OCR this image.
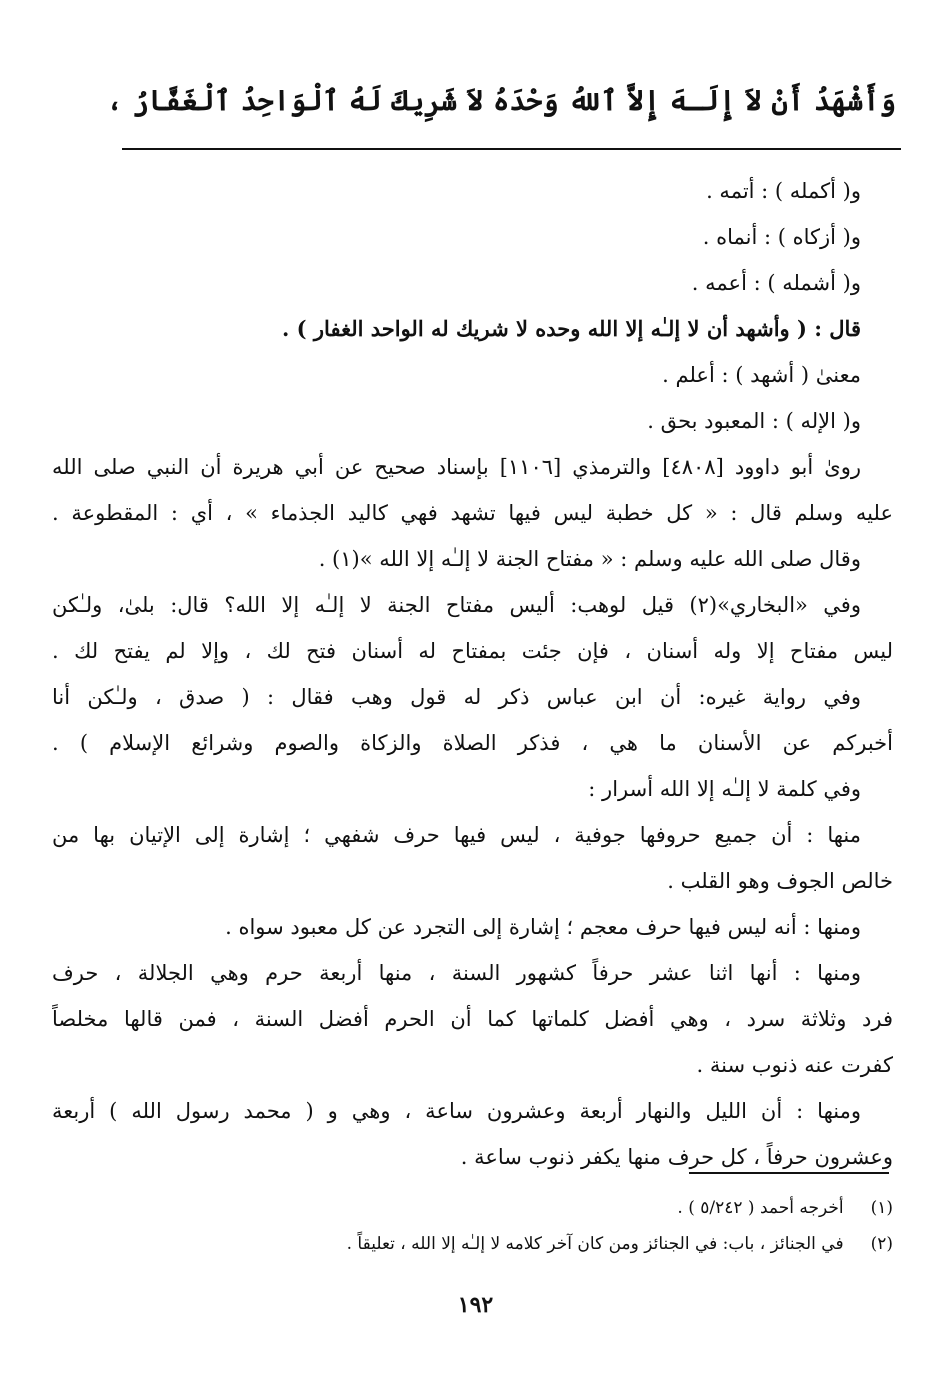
وَأَشْهَدُ أَنْ لاَ إِلَـهَ إِلاَّ ٱللهُ وَحْدَهُ لاَ شَرِيكَ لَهُ ٱلْوَاحِدُ ٱلْغَفَّارُ ،
و( أكمله ) : أتمه .
و( أزكاه ) : أنماه .
و( أشمله ) : أعمه .
قال : ( وأشهد أن لا إلـٰه إلا الله وحده لا شريك له الواحد الغفار ) .
معنىٰ ( أشهد ) : أعلم .
و( الإله ) : المعبود بحق .
روىٰ أبو داوود [٤٨٠٨] والترمذي [١١٠٦] بإسناد صحيح عن أبي هريرة أن النبي صلى الله
عليه وسلم قال : « كل خطبة ليس فيها تشهد فهي كاليد الجذماء » ، أي : المقطوعة .
وقال صلى الله عليه وسلم : « مفتاح الجنة لا إلـٰه إلا الله »(١) .
وفي «البخاري»(٢) قيل لوهب: أليس مفتاح الجنة لا إلـٰه إلا الله؟ قال: بلىٰ، ولـٰكن
ليس مفتاح إلا وله أسنان ، فإن جئت بمفتاح له أسنان فتح لك ، وإلا لم يفتح لك .
وفي رواية غيره: أن ابن عباس ذكر له قول وهب فقال : ( صدق ، ولـٰكن أنا
أخبركم عن الأسنان ما هي ، فذكر الصلاة والزكاة والصوم وشرائع الإسلام ) .
وفي كلمة لا إلـٰه إلا الله أسرار :
منها : أن جميع حروفها جوفية ، ليس فيها حرف شفهي ؛ إشارة إلى الإتيان بها من
خالص الجوف وهو القلب .
ومنها : أنه ليس فيها حرف معجم ؛ إشارة إلى التجرد عن كل معبود سواه .
ومنها : أنها اثنا عشر حرفاً كشهور السنة ، منها أربعة حرم وهي الجلالة ، حرف
فرد وثلاثة سرد ، وهي أفضل كلماتها كما أن الحرم أفضل السنة ، فمن قالها مخلصاً
كفرت عنه ذنوب سنة .
ومنها : أن الليل والنهار أربعة وعشرون ساعة ، وهي و ( محمد رسول الله ) أربعة
وعشرون حرفاً ، كل حرف منها يكفر ذنوب ساعة .
(١) أخرجه أحمد ( ٥/٢٤٢ ) .
(٢) في الجنائز ، باب: في الجنائز ومن كان آخر كلامه لا إلـٰه إلا الله ، تعليقاً .
١٩٢
